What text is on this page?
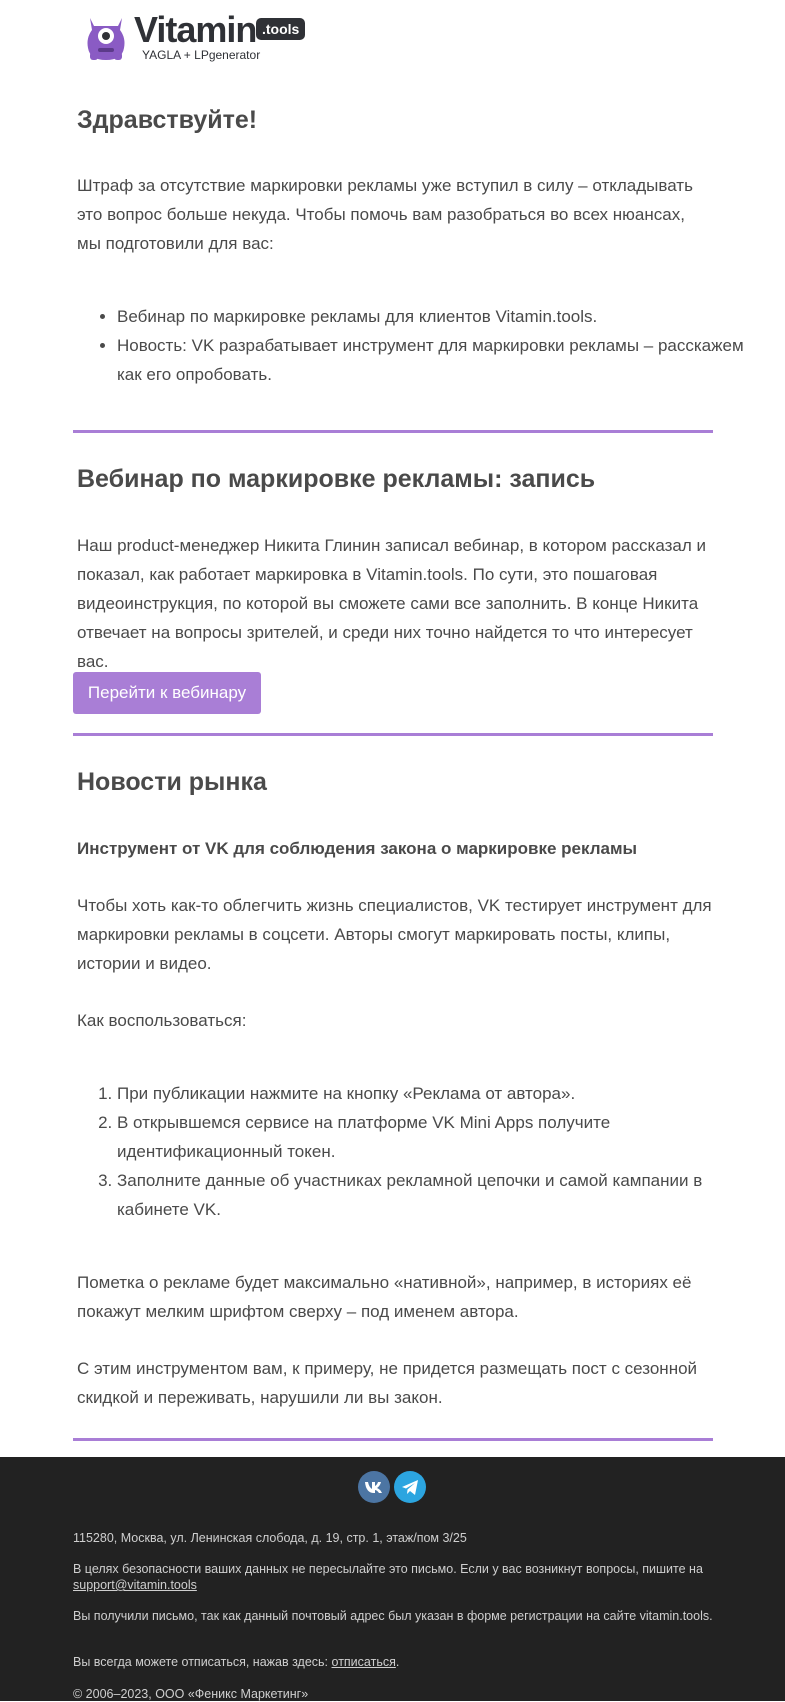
Vitamin .tools
YAGLA + LPgenerator
Здравствуйте!

Штраф за отсутствие маркировки рекламы уже вступил в силу – откладывать это вопрос больше некуда. Чтобы помочь вам разобраться во всех нюансах, мы подготовили для вас:

• Вебинар по маркировке рекламы для клиентов Vitamin.tools.
• Новость: VK разрабатывает инструмент для маркировки рекламы – расскажем как его опробовать.
Вебинар по маркировке рекламы: запись

Наш product-менеджер Никита Глинин записал вебинар, в котором рассказал и показал, как работает маркировка в Vitamin.tools. По сути, это пошаговая видеоинструкция, по которой вы сможете сами все заполнить. В конце Никита отвечает на вопросы зрителей, и среди них точно найдется то что интересует вас.

Перейти к вебинару
Новости рынка

Инструмент от VK для соблюдения закона о маркировке рекламы

Чтобы хоть как-то облегчить жизнь специалистов, VK тестирует инструмент для маркировки рекламы в соцсети. Авторы смогут маркировать посты, клипы, истории и видео.

Как воспользоваться:

1. При публикации нажмите на кнопку «Реклама от автора».
2. В открывшемся сервисе на платформе VK Mini Apps получите идентификационный токен.
3. Заполните данные об участниках рекламной цепочки и самой кампании в кабинете VK.

Пометка о рекламе будет максимально «нативной», например, в историях её покажут мелким шрифтом сверху – под именем автора.

С этим инструментом вам, к примеру, не придется размещать пост с сезонной скидкой и переживать, нарушили ли вы закон.

115280, Москва, ул. Ленинская слобода, д. 19, стр. 1, этаж/пом 3/25

В целях безопасности ваших данных не пересылайте это письмо. Если у вас возникнут вопросы, пишите на support@vitamin.tools

Вы получили письмо, так как данный почтовый адрес был указан в форме регистрации на сайте vitamin.tools.

Вы всегда можете отписаться, нажав здесь: отписаться.

© 2006–2023, ООО «Феникс Маркетинг»
